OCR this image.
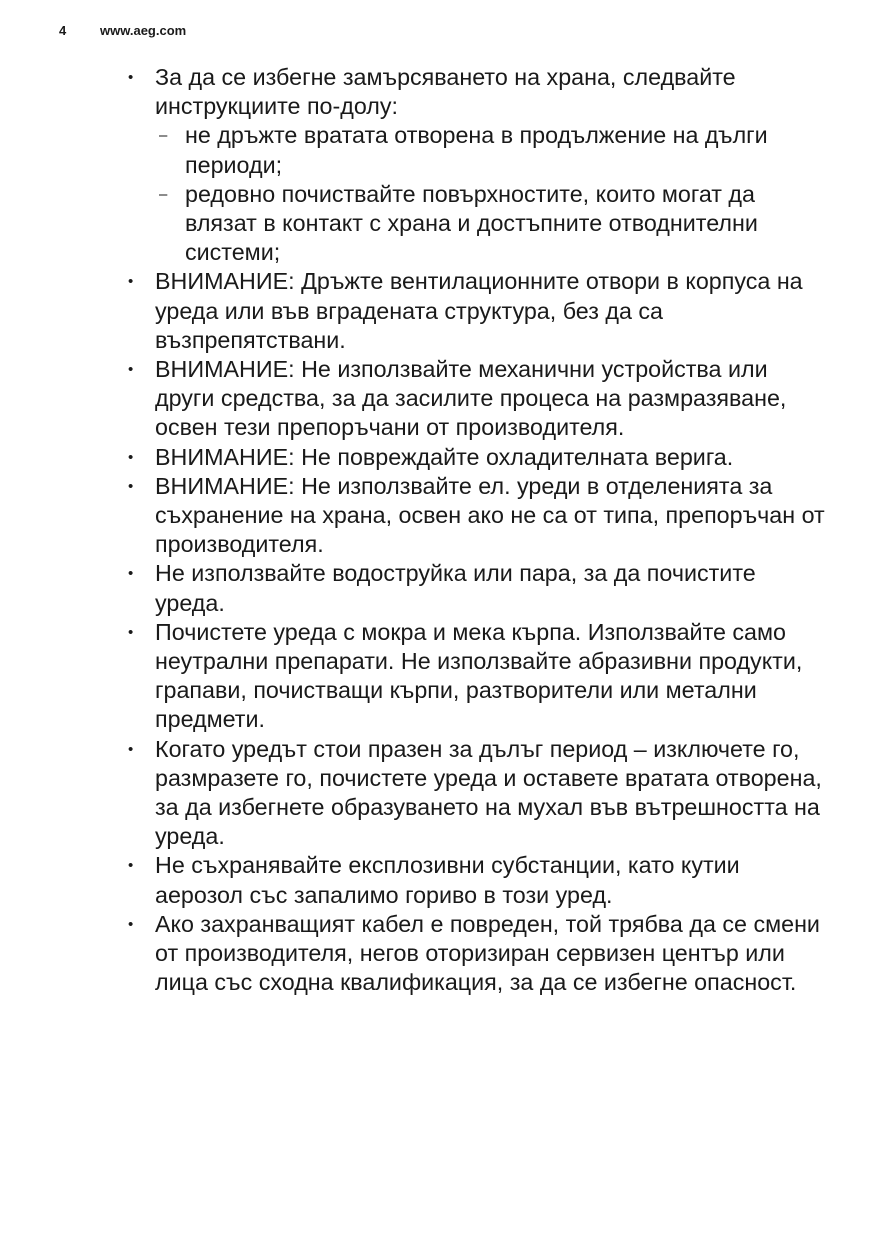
4	www.aeg.com
• За да се избегне замърсяването на храна, следвайте инструкциите по-долу:
– не дръжте вратата отворена в продължение на дълги периоди;
– редовно почиствайте повърхностите, които могат да влязат в контакт с храна и достъпните отводнителни системи;
• ВНИМАНИЕ: Дръжте вентилационните отвори в корпуса на уреда или във вградената структура, без да са възпрепятствани.
• ВНИМАНИЕ: Не използвайте механични устройства или други средства, за да засилите процеса на размразяване, освен тези препоръчани от производителя.
• ВНИМАНИЕ: Не повреждайте охладителната верига.
• ВНИМАНИЕ: Не използвайте ел. уреди в отделенията за съхранение на храна, освен ако не са от типа, препоръчан от производителя.
• Не използвайте водоструйка или пара, за да почистите уреда.
• Почистете уреда с мокра и мека кърпа. Използвайте само неутрални препарати. Не използвайте абразивни продукти, грапави, почистващи кърпи, разтворители или метални предмети.
• Когато уредът стои празен за дълъг период – изключете го, размразете го, почистете уреда и оставете вратата отворена, за да избегнете образуването на мухал във вътрешността на уреда.
• Не съхранявайте експлозивни субстанции, като кутии аерозол със запалимо гориво в този уред.
• Ако захранващият кабел е повреден, той трябва да се смени от производителя, негов оторизиран сервизен център или лица със сходна квалификация, за да се избегне опасност.
